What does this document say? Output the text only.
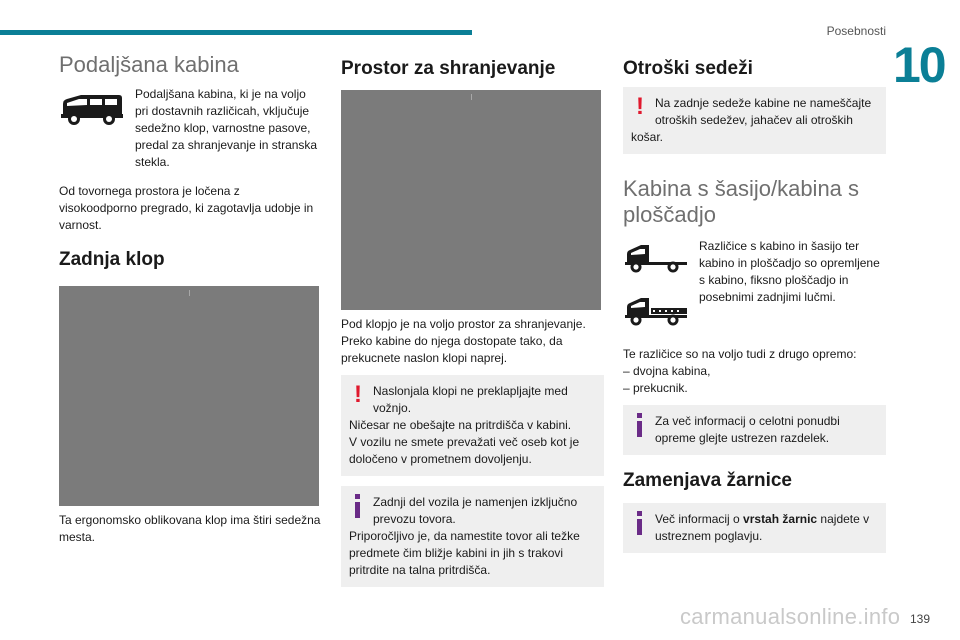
Posebnosti
10
Podaljšana kabina

Podaljšana kabina, ki je na voljo pri dostavnih različicah, vključuje sedežno klop, varnostne pasove, predal za shranjevanje in stranska stekla.

Od tovornega prostora je ločena z visokoodporno pregrado, ki zagotavlja udobje in varnost.

Zadnja klop

Ta ergonomsko oblikovana klop ima štiri sedežna mesta.

Prostor za shranjevanje

Pod klopjo je na voljo prostor za shranjevanje. Preko kabine do njega dostopate tako, da prekucnete naslon klopi naprej.

! Naslonjala klopi ne preklapljajte med vožnjo.

Ničesar ne obešajte na pritrdišča v kabini.

V vozilu ne smete prevažati več oseb kot je določeno v prometnem dovoljenju.

Zadnji del vozila je namenjen izključno prevozu tovora.

Priporočljivo je, da namestite tovor ali težke predmete čim bližje kabini in jih s trakovi pritrdite na talna pritrdišča.

Otroški sedeži
! Na zadnje sedeže kabine ne nameščajte otroških sedežev, jahačev ali otroških

košar.

Kabina s šasijo/kabina s ploščadjo

Različice s kabino in šasijo ter kabino in ploščadjo so opremljene s kabino, fiksno ploščadjo in posebnimi zadnjimi lučmi.

Te različice so na voljo tudi z drugo opremo:

– dvojna kabina,

– prekucnik.

Za več informacij o celotni ponudbi opreme glejte ustrezen razdelek.

Zamenjava žarnice

Več informacij o vrstah žarnic najdete v ustreznem poglavju.

carmanualsonline.info 139
